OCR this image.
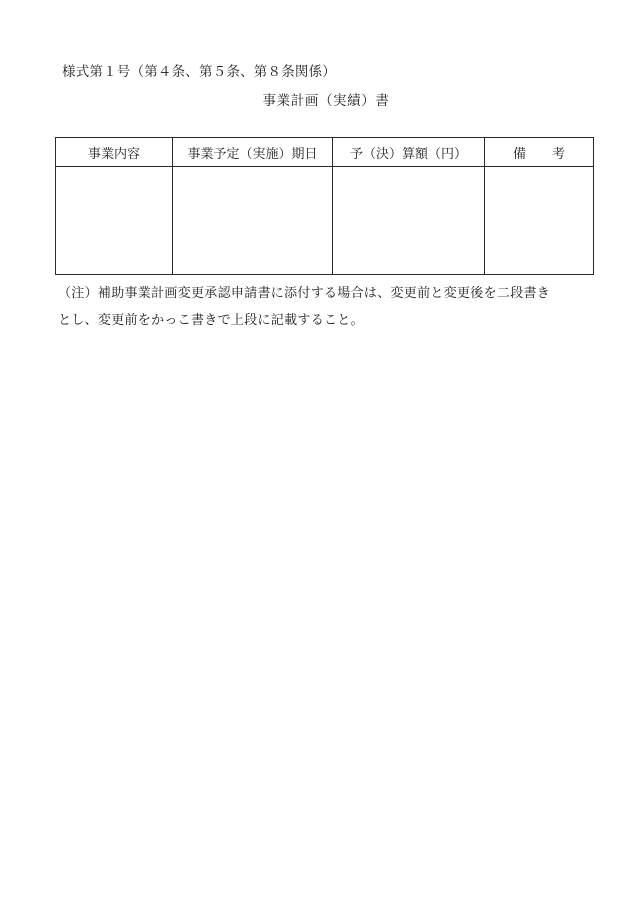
様式第１号（第４条、第５条、第８条関係）
事業計画（実績）書
事業内容	事業予定（実施）期日	予（決）算額（円）	備　　考

（注）補助事業計画変更承認申請書に添付する場合は、変更前と変更後を二段書き
とし、変更前をかっこ書きで上段に記載すること。
